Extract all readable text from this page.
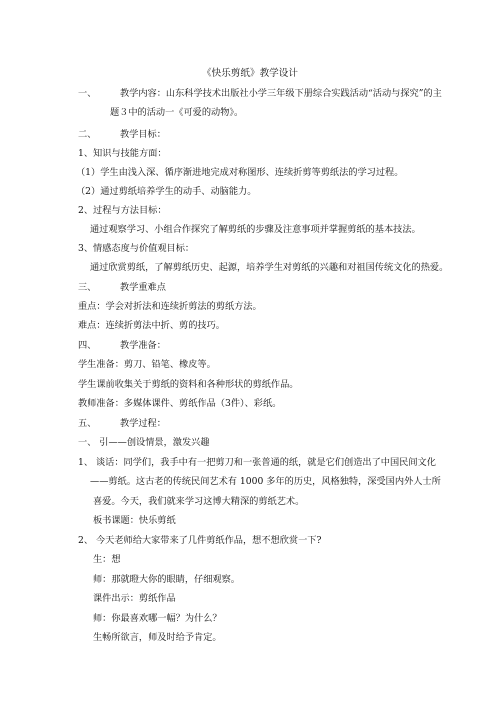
《快乐剪纸》教学设计
一、	教学内容：山东科学技术出版社小学三年级下册综合实践活动“活动与探究”的主
题３中的活动一《可爱的动物》。
二、	教学目标：
1、知识与技能方面：
（1）学生由浅入深、循序渐进地完成对称图形、连续折剪等剪纸法的学习过程。
（2）通过剪纸培养学生的动手、动脑能力。
2、过程与方法目标：
通过观察学习、小组合作探究了解剪纸的步骤及注意事项并掌握剪纸的基本技法。
3、情感态度与价值观目标：
通过欣赏剪纸，了解剪纸历史、起源，培养学生对剪纸的兴趣和对祖国传统文化的热爱。
三、	教学重难点
重点：学会对折法和连续折剪法的剪纸方法。
难点：连续折剪法中折、剪的技巧。
四、	教学准备：
学生准备：剪刀、铅笔、橡皮等。
学生课前收集关于剪纸的资料和各种形状的剪纸作品。
教师准备：多媒体课件、剪纸作品（3件）、彩纸。
五、	教学过程：
一、 引——创设情景，激发兴趣
1、 谈话：同学们，我手中有一把剪刀和一张普通的纸，就是它们创造出了中国民间文化
——剪纸。这古老的传统民间艺术有 1000 多年的历史，风格独特，深受国内外人士所
喜爱。今天，我们就来学习这博大精深的剪纸艺术。
板书课题：快乐剪纸
2、 今天老师给大家带来了几件剪纸作品，想不想欣赏一下?
生：想
师：那就瞪大你的眼睛，仔细观察。
课件出示：剪纸作品
师：你最喜欢哪一幅？为什么？
生畅所欲言，师及时给予肯定。
